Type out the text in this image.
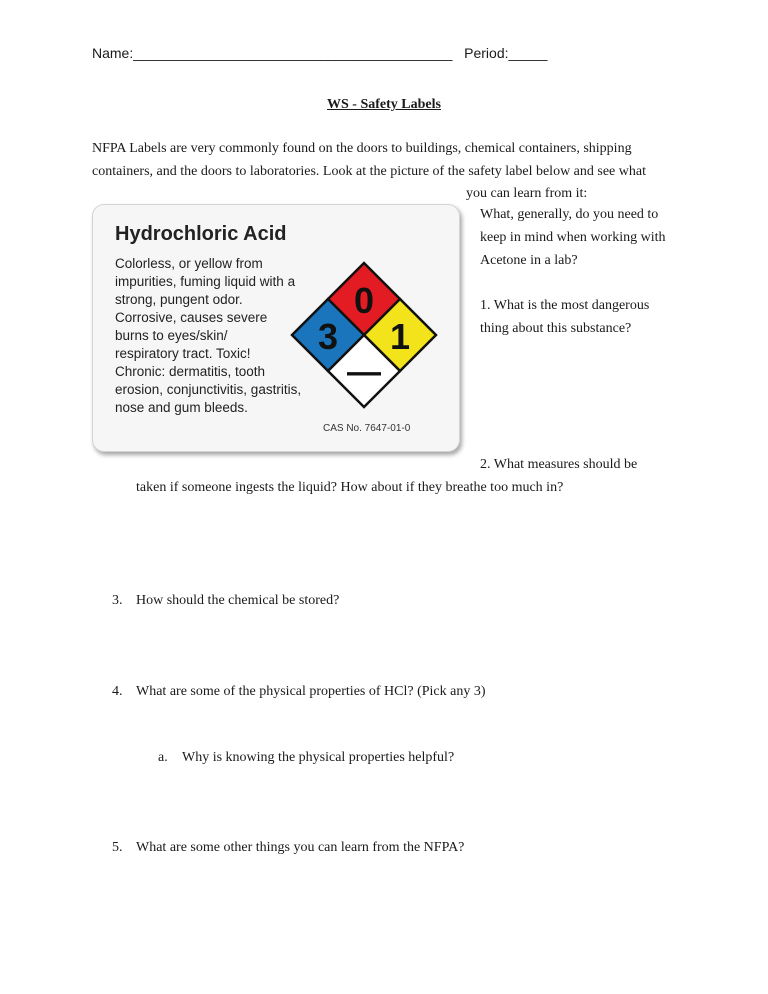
Name:_________________________________________   Period:_____
WS - Safety Labels
NFPA Labels are very commonly found on the doors to buildings, chemical containers, shipping
containers, and the doors to laboratories. Look at the picture of the safety label below and see what
you can learn from it:
What, generally, do you need to
keep in mind when working with
Acetone in a lab?
1. What is the most dangerous
thing about this substance?
Hydrochloric Acid
Colorless, or yellow from
impurities, fuming liquid with a
strong, pungent odor.
Corrosive, causes severe
burns to eyes/skin/
respiratory tract. Toxic!
Chronic: dermatitis, tooth
erosion, conjunctivitis, gastritis,
nose and gum bleeds.
0
3 1
—
CAS No. 7647-01-0
2. What measures should be
taken if someone ingests the liquid? How about if they breathe too much in?
3. How should the chemical be stored?
4. What are some of the physical properties of HCl? (Pick any 3)
a. Why is knowing the physical properties helpful?
5. What are some other things you can learn from the NFPA?
